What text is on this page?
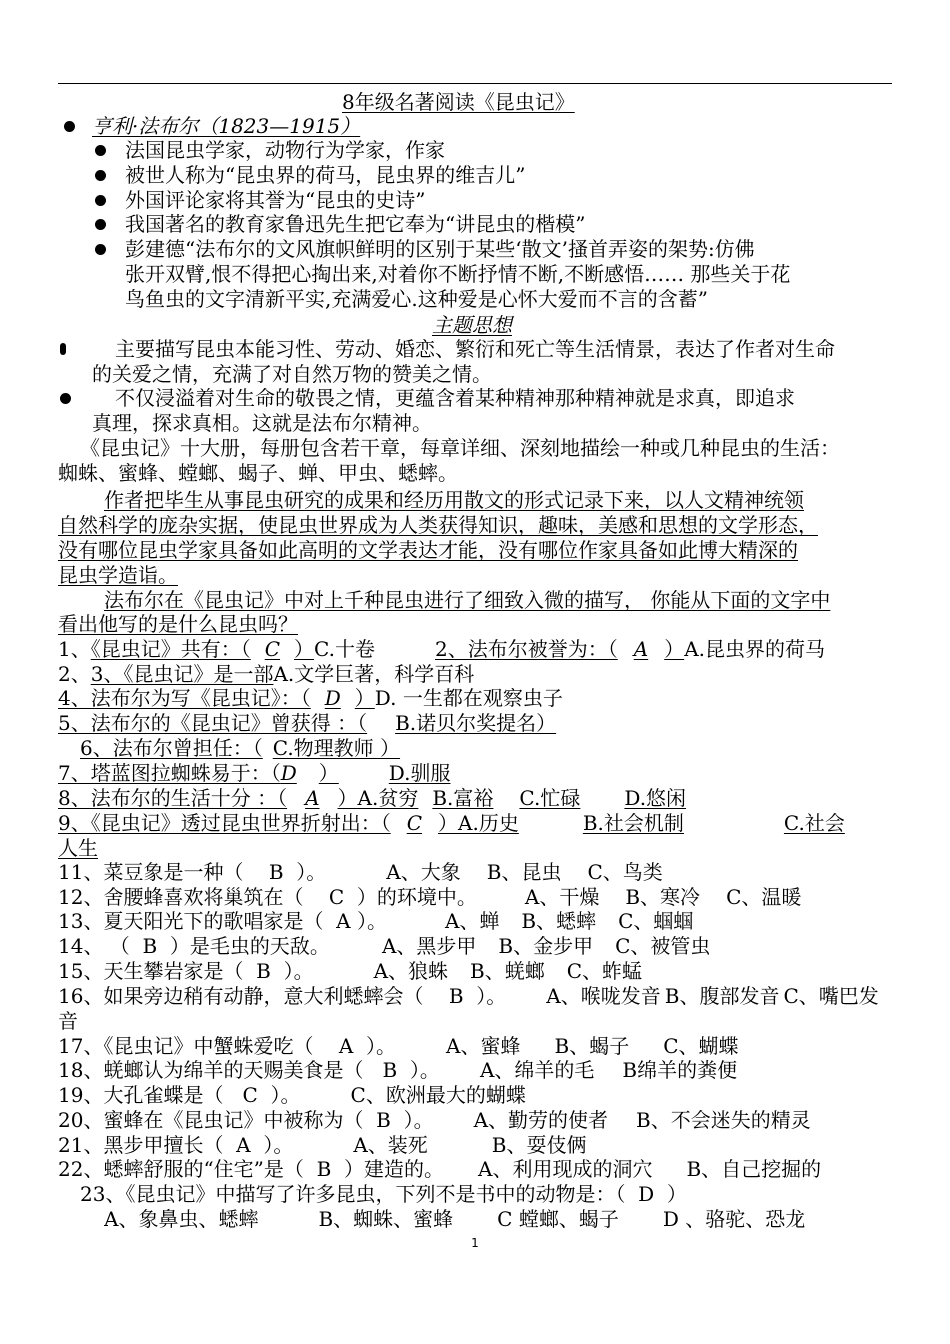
8年级名著阅读《昆虫记》
亨利·法布尔（1823—1915）
法国昆虫学家，动物行为学家，作家
被世人称为“昆虫界的荷马，昆虫界的维吉儿”
外国评论家将其誉为“昆虫的史诗”
我国著名的教育家鲁迅先生把它奉为“讲昆虫的楷模”
彭建德“法布尔的文风旗帜鲜明的区别于某些‘散文’搔首弄姿的架势:仿佛
张开双臂,恨不得把心掏出来,对着你不断抒情不断,不断感悟…… 那些关于花
鸟鱼虫的文字清新平实,充满爱心.这种爱是心怀大爱而不言的含蓄”
主题思想
主要描写昆虫本能习性、劳动、婚恋、繁衍和死亡等生活情景，表达了作者对生命
的关爱之情，充满了对自然万物的赞美之情。
不仅浸溢着对生命的敬畏之情，更蕴含着某种精神那种精神就是求真，即追求
真理，探求真相。这就是法布尔精神。
《昆虫记》十大册，每册包含若干章，每章详细、深刻地描绘一种或几种昆虫的生活：
蜘蛛、蜜蜂、螳螂、蝎子、蝉、甲虫、蟋蟀。
作者把毕生从事昆虫研究的成果和经历用散文的形式记录下来，以人文精神统领
自然科学的庞杂实据，使昆虫世界成为人类获得知识，趣味，美感和思想的文学形态，
没有哪位昆虫学家具备如此高明的文学表达才能，没有哪位作家具备如此博大精深的
昆虫学造诣。
法布尔在《昆虫记》中对上千种昆虫进行了细致入微的描写， 你能从下面的文字中
看出他写的是什么昆虫吗？
1、《昆虫记》共有：（ C ）C.十卷	2、法布尔被誉为：（ A ）A.昆虫界的荷马
2、3、《昆虫记》是一部A.文学巨著，科学百科
4、法布尔为写《昆虫记》：（ D ）D. 一生都在观察虫子
5、法布尔的《昆虫记》曾获得 ：（ B.诺贝尔奖提名）
6、法布尔曾担任：（ C.物理教师 ）
7、塔蓝图拉蜘蛛易于：（D ）	D.驯服
8、法布尔的生活十分 ：（ A ）A.贫穷 B.富裕 C.忙碌 D.悠闲
9、《昆虫记》透过昆虫世界折射出：（ C ）A.历史	B.社会机制	C.社会
人生
11、菜豆象是一种（    B  ）。	A、大象 B、昆虫 C、鸟类
12、舍腰蜂喜欢将巢筑在（    C  ）的环境中。 A、干燥 B、寒冷 C、温暖
13、夏天阳光下的歌唱家是（  A ）。	A、蝉 B、蟋蟀 C、蝈蝈
14、 （  B  ）是毛虫的天敌。	A、黑步甲 B、金步甲 C、被管虫
15、天生攀岩家是（  B  ）。	A、狼蛛 B、蜣螂 C、蚱蜢
16、如果旁边稍有动静，意大利蟋蟀会（    B  ）。 A、喉咙发音 B、腹部发音 C、嘴巴发
音
17、《昆虫记》中蟹蛛爱吃（    A  ）。	A、蜜蜂 B、蝎子 C、蝴蝶
18、蜣螂认为绵羊的天赐美食是（   B  ）。 A、绵羊的毛 B绵羊的粪便
19、大孔雀蝶是（   C  ）。	C、欧洲最大的蝴蝶
20、蜜蜂在《昆虫记》中被称为（  B  ）。 A、勤劳的使者 B、不会迷失的精灵
21、黑步甲擅长（  A  ）。	A、装死	B、耍伎俩
22、蟋蟀舒服的“住宅”是（  B  ）建造的。 A、利用现成的洞穴 B、自己挖掘的
23、《昆虫记》中描写了许多昆虫，下列不是书中的动物是：（  D  ）
A、象鼻虫、蟋蟀	B、蜘蛛、蜜蜂 C 螳螂、蝎子 D 、骆驼、恐龙
1
